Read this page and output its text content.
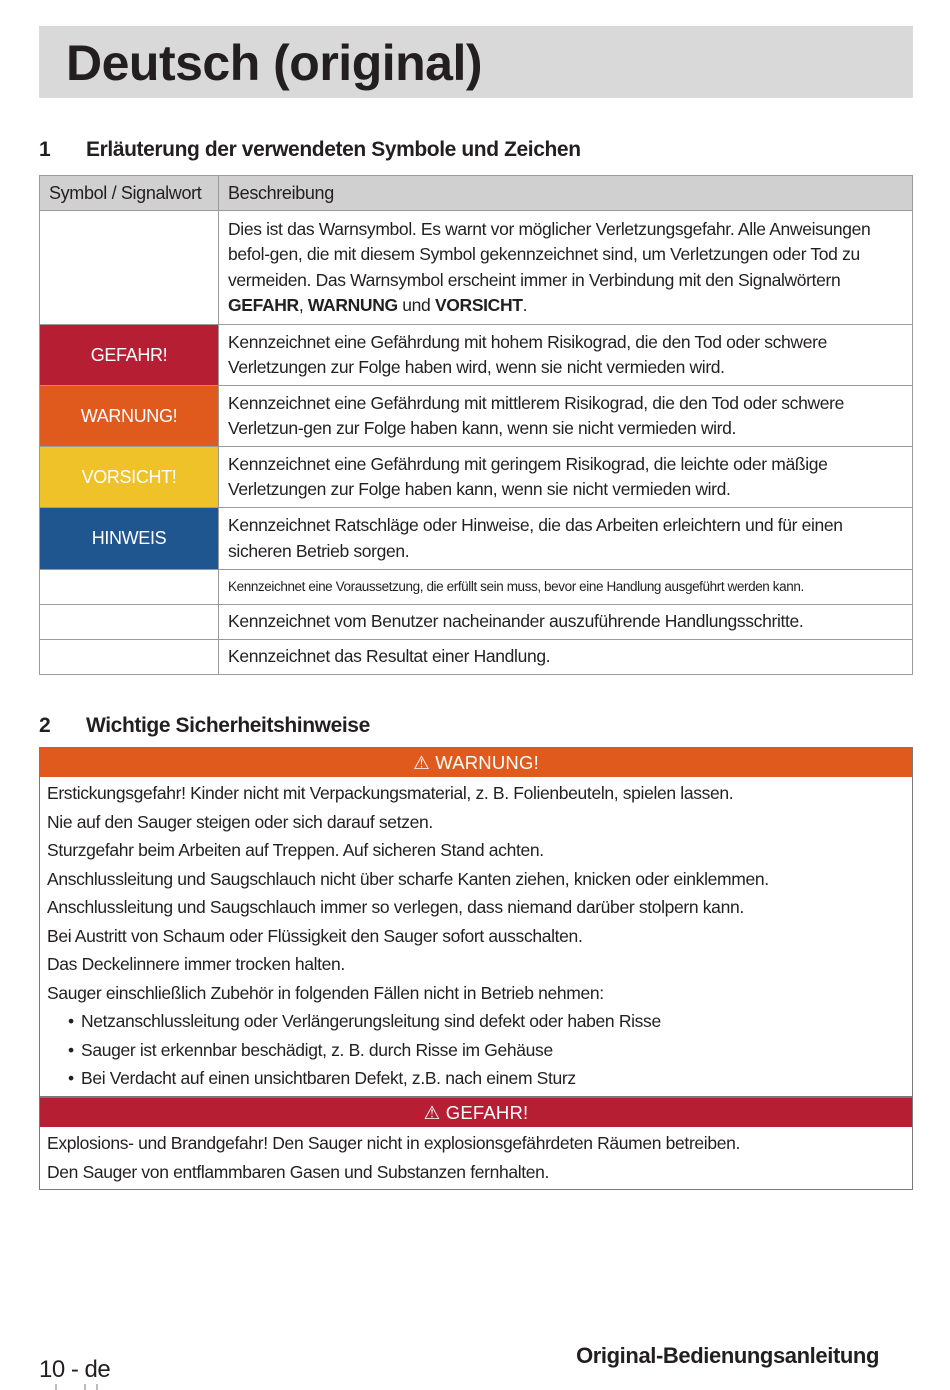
Deutsch (original)
1 Erläuterung der verwendeten Symbole und Zeichen
Symbol / Signalwort	Beschreibung
⚠	Dies ist das Warnsymbol. Es warnt vor möglicher Verletzungsgefahr. Alle Anweisungen befol-gen, die mit diesem Symbol gekennzeichnet sind, um Verletzungen oder Tod zu vermeiden. Das Warnsymbol erscheint immer in Verbindung mit den Signalwörtern GEFAHR, WARNUNG und VORSICHT.
GEFAHR!	Kennzeichnet eine Gefährdung mit hohem Risikograd, die den Tod oder schwere Verletzungen zur Folge haben wird, wenn sie nicht vermieden wird.
WARNUNG!	Kennzeichnet eine Gefährdung mit mittlerem Risikograd, die den Tod oder schwere Verletzun-gen zur Folge haben kann, wenn sie nicht vermieden wird.
VORSICHT!	Kennzeichnet eine Gefährdung mit geringem Risikograd, die leichte oder mäßige Verletzungen zur Folge haben kann, wenn sie nicht vermieden wird.
HINWEIS	Kennzeichnet Ratschläge oder Hinweise, die das Arbeiten erleichtern und für einen sicheren Betrieb sorgen.
△	Kennzeichnet eine Voraussetzung, die erfüllt sein muss, bevor eine Handlung ausgeführt werden kann.
▸	Kennzeichnet vom Benutzer nacheinander auszuführende Handlungsschritte.
↳	Kennzeichnet das Resultat einer Handlung.
2 Wichtige Sicherheitshinweise
⚠ WARNUNG!
Erstickungsgefahr! Kinder nicht mit Verpackungsmaterial, z. B. Folienbeuteln, spielen lassen.
Nie auf den Sauger steigen oder sich darauf setzen.
Sturzgefahr beim Arbeiten auf Treppen. Auf sicheren Stand achten.
Anschlussleitung und Saugschlauch nicht über scharfe Kanten ziehen, knicken oder einklemmen.
Anschlussleitung und Saugschlauch immer so verlegen, dass niemand darüber stolpern kann.
Bei Austritt von Schaum oder Flüssigkeit den Sauger sofort ausschalten.
Das Deckelinnere immer trocken halten.
Sauger einschließlich Zubehör in folgenden Fällen nicht in Betrieb nehmen:
• Netzanschlussleitung oder Verlängerungsleitung sind defekt oder haben Risse
• Sauger ist erkennbar beschädigt, z. B. durch Risse im Gehäuse
• Bei Verdacht auf einen unsichtbaren Defekt, z.B. nach einem Sturz
⚠ GEFAHR!
Explosions- und Brandgefahr! Den Sauger nicht in explosionsgefährdeten Räumen betreiben.
Den Sauger von entflammbaren Gasen und Substanzen fernhalten.
10 - de
Original-Bedienungsanleitung
